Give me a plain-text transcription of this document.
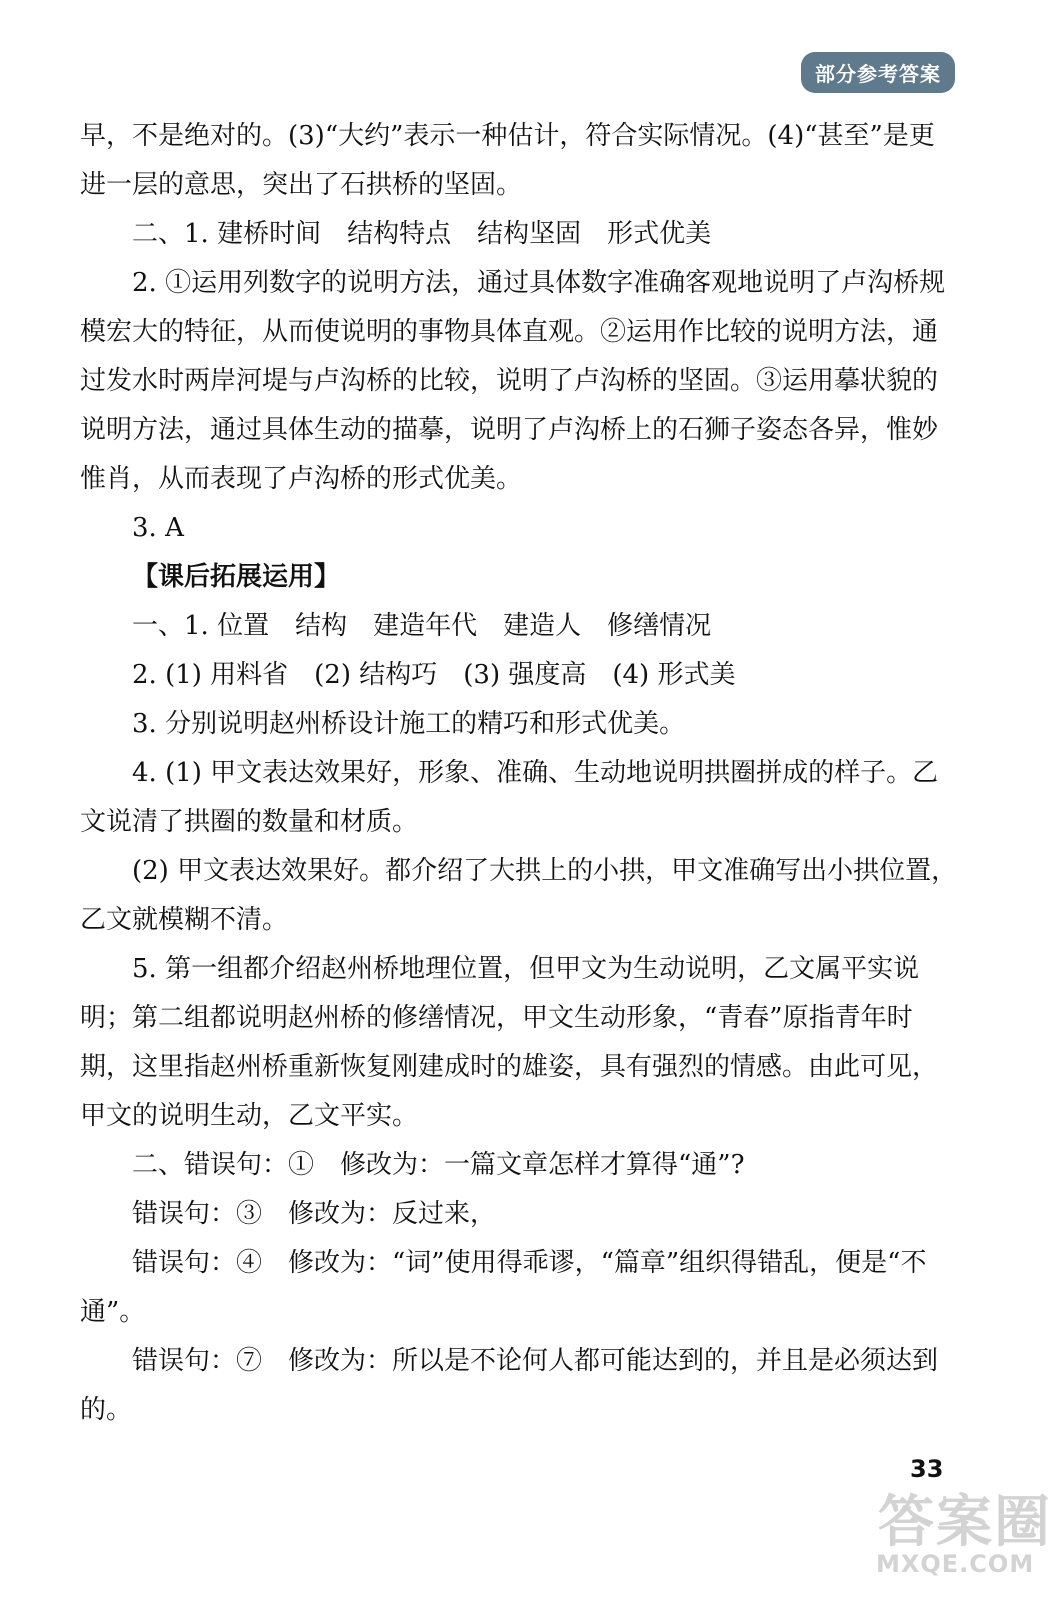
部分参考答案

早，不是绝对的。(3)“大约”表示一种估计，符合实际情况。(4)“甚至”是更进一层的意思，突出了石拱桥的坚固。

二、1. 建桥时间　结构特点　结构坚固　形式优美

2. ①运用列数字的说明方法，通过具体数字准确客观地说明了卢沟桥规模宏大的特征，从而使说明的事物具体直观。②运用作比较的说明方法，通过发水时两岸河堤与卢沟桥的比较，说明了卢沟桥的坚固。③运用摹状貌的说明方法，通过具体生动的描摹，说明了卢沟桥上的石狮子姿态各异，惟妙惟肖，从而表现了卢沟桥的形式优美。

3. A

【课后拓展运用】

一、1. 位置　结构　建造年代　建造人　修缮情况

2. (1) 用料省　(2) 结构巧　(3) 强度高　(4) 形式美

3. 分别说明赵州桥设计施工的精巧和形式优美。

4. (1) 甲文表达效果好，形象、准确、生动地说明拱圈拼成的样子。乙文说清了拱圈的数量和材质。

(2) 甲文表达效果好。都介绍了大拱上的小拱，甲文准确写出小拱位置，乙文就模糊不清。

5. 第一组都介绍赵州桥地理位置，但甲文为生动说明，乙文属平实说明；第二组都说明赵州桥的修缮情况，甲文生动形象，“青春”原指青年时期，这里指赵州桥重新恢复刚建成时的雄姿，具有强烈的情感。由此可见，甲文的说明生动，乙文平实。

二、错误句：①　修改为：一篇文章怎样才算得“通”?

错误句：③　修改为：反过来，

错误句：④　修改为：“词”使用得乖谬，“篇章”组织得错乱，便是“不通”。

错误句：⑦　修改为：所以是不论何人都可能达到的，并且是必须达到的。

33
答案圈
MXQE.COM
